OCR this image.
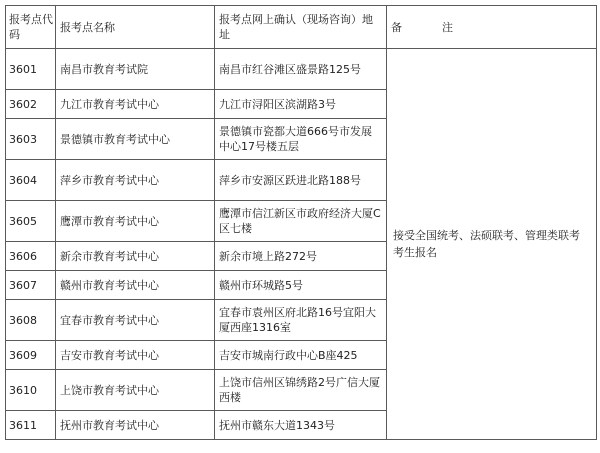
报考点代码	报考点名称	报考点网上确认（现场咨询）地址	备 注
3601	南昌市教育考试院	南昌市红谷滩区盛景路125号	接受全国统考、法硕联考、管理类联考考生报名
3602	九江市教育考试中心	九江市浔阳区滨湖路3号	
3603	景德镇市教育考试中心	景德镇市瓷都大道666号市发展中心17号楼五层	
3604	萍乡市教育考试中心	萍乡市安源区跃进北路188号	
3605	鹰潭市教育考试中心	鹰潭市信江新区市政府经济大厦C区七楼	
3606	新余市教育考试中心	新余市境上路272号	
3607	赣州市教育考试中心	赣州市环城路5号	
3608	宜春市教育考试中心	宜春市袁州区府北路16号宜阳大厦西座1316室	
3609	吉安市教育考试中心	吉安市城南行政中心B座425	
3610	上饶市教育考试中心	上饶市信州区锦绣路2号广信大厦西楼	
3611	抚州市教育考试中心	抚州市赣东大道1343号	
